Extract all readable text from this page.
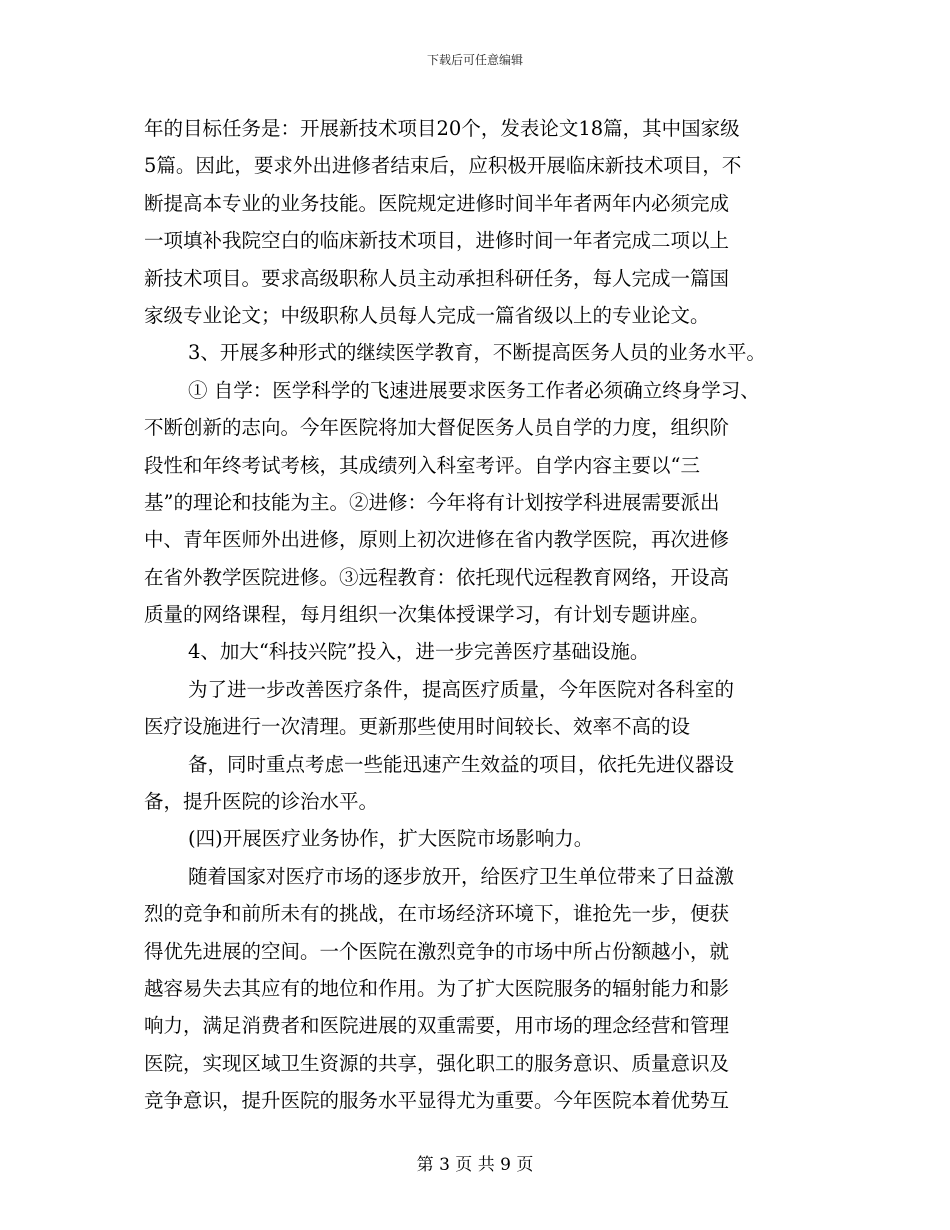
下载后可任意编辑
年的目标任务是：开展新技术项目20个，发表论文18篇，其中国家级
5篇。因此，要求外出进修者结束后，应积极开展临床新技术项目，不
断提高本专业的业务技能。医院规定进修时间半年者两年内必须完成
一项填补我院空白的临床新技术项目，进修时间一年者完成二项以上
新技术项目。要求高级职称人员主动承担科研任务，每人完成一篇国
家级专业论文；中级职称人员每人完成一篇省级以上的专业论文。
3、开展多种形式的继续医学教育，不断提高医务人员的业务水平。
① 自学：医学科学的飞速进展要求医务工作者必须确立终身学习、
不断创新的志向。今年医院将加大督促医务人员自学的力度，组织阶
段性和年终考试考核，其成绩列入科室考评。自学内容主要以“三
基”的理论和技能为主。②进修：今年将有计划按学科进展需要派出
中、青年医师外出进修，原则上初次进修在省内教学医院，再次进修
在省外教学医院进修。③远程教育：依托现代远程教育网络，开设高
质量的网络课程，每月组织一次集体授课学习，有计划专题讲座。
4、加大“科技兴院”投入，进一步完善医疗基础设施。
为了进一步改善医疗条件，提高医疗质量，今年医院对各科室的
医疗设施进行一次清理。更新那些使用时间较长、效率不高的设
备，同时重点考虑一些能迅速产生效益的项目，依托先进仪器设
备，提升医院的诊治水平。
(四)开展医疗业务协作，扩大医院市场影响力。
随着国家对医疗市场的逐步放开，给医疗卫生单位带来了日益激
烈的竞争和前所未有的挑战，在市场经济环境下，谁抢先一步，便获
得优先进展的空间。一个医院在激烈竞争的市场中所占份额越小，就
越容易失去其应有的地位和作用。为了扩大医院服务的辐射能力和影
响力，满足消费者和医院进展的双重需要，用市场的理念经营和管理
医院，实现区域卫生资源的共享，强化职工的服务意识、质量意识及
竞争意识，提升医院的服务水平显得尤为重要。今年医院本着优势互
第 3 页 共 9 页
